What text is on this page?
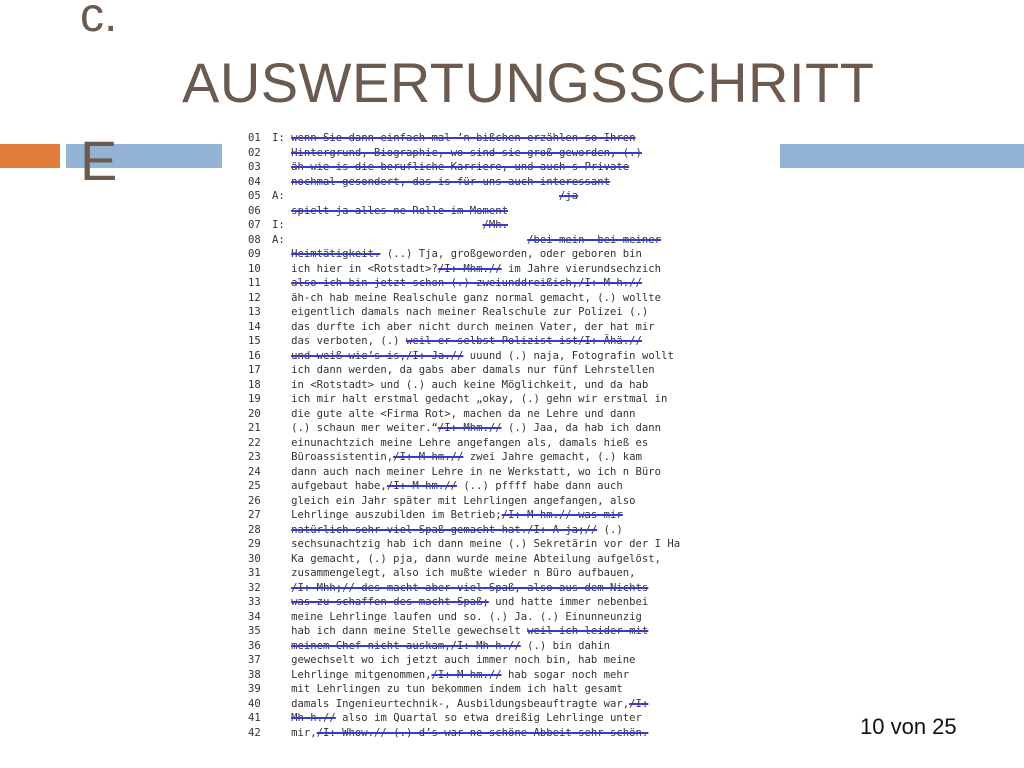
c.
AUSWERTUNGSSCHRITT
E	01	I: wenn Sie dann einfach mal ’n bißchen erzählen so Ihren
02	Hintergrund, Biographie, wo sind sie groß geworden, (.)
03	äh wie is die berufliche Karriere, und auch s Private
04	nochmal gesondert, das is für uns auch interessant
05	A:                                           /ja
06	spielt ja alles ne Rolle im Moment
07	I:                               /Mh.
08	A:                                      /bei mein- bei meiner
09	Heimtätigkeit. (..) Tja, großgeworden, oder geboren bin
10	ich hier in <Rotstadt>?/I: Mhm.// im Jahre vierundsechzich
11	also ich bin jetzt schon (.) zweiunddreißich,/I: M-h.//
12	äh-ch hab meine Realschule ganz normal gemacht, (.) wollte
13	eigentlich damals nach meiner Realschule zur Polizei (.)
14	das durfte ich aber nicht durch meinen Vater, der hat mir
15	das verboten, (.) weil er selbst Polizist ist/I: Ähä.//
16	und weiß wie’s is,/I: Ja.// uuund (.) naja, Fotografin wollt
17	ich dann werden, da gabs aber damals nur fünf Lehrstellen
18	in <Rotstadt> und (.) auch keine Möglichkeit, und da hab
19	ich mir halt erstmal gedacht „okay, (.) gehn wir erstmal in
20	die gute alte <Firma Rot>, machen da ne Lehre und dann
21	(.) schaun mer weiter.“/I: Mhm.// (.) Jaa, da hab ich dann
22	einunachtzich meine Lehre angefangen als, damals hieß es
23	Büroassistentin,/I: M-hm.// zwei Jahre gemacht, (.) kam
24	dann auch nach meiner Lehre in ne Werkstatt, wo ich n Büro
25	aufgebaut habe,/I: M-hm.// (..) pffff habe dann auch
26	gleich ein Jahr später mit Lehrlingen angefangen, also
27	Lehrlinge auszubilden im Betrieb;/I: M-hm.// was mir
28	natürlich sehr viel Spaß gemacht hat./I: A-ja;// (.)
29	sechsunachtzig hab ich dann meine (.) Sekretärin vor der I Ha
30	Ka gemacht, (.) pja, dann wurde meine Abteilung aufgelöst,
31	zusammengelegt, also ich mußte wieder n Büro aufbauen,
32	/I: Mhh;// des macht aber viel Spaß, also aus dem Nichts
33	was zu schaffen des macht Spaß; und hatte immer nebenbei
34	meine Lehrlinge laufen und so. (.) Ja. (.) Einunneunzig
35	hab ich dann meine Stelle gewechselt weil ich leider mit
36	meinem Chef nicht auskam,/I: Mh-h.// (.) bin dahin
37	gewechselt wo ich jetzt auch immer noch bin, hab meine
38	Lehrlinge mitgenommen,/I: M-hm.// hab sogar noch mehr
39	mit Lehrlingen zu tun bekommen indem ich halt gesamt
40	damals Ingenieurtechnik-, Ausbildungsbeauftragte war,/I:
41	Mh-h.// also im Quartal so etwa dreißig Lehrlinge unter
42	mir,/I: Whow.// (.) d’s war ne schöne Abbeit sehr schön.	10 von 25
